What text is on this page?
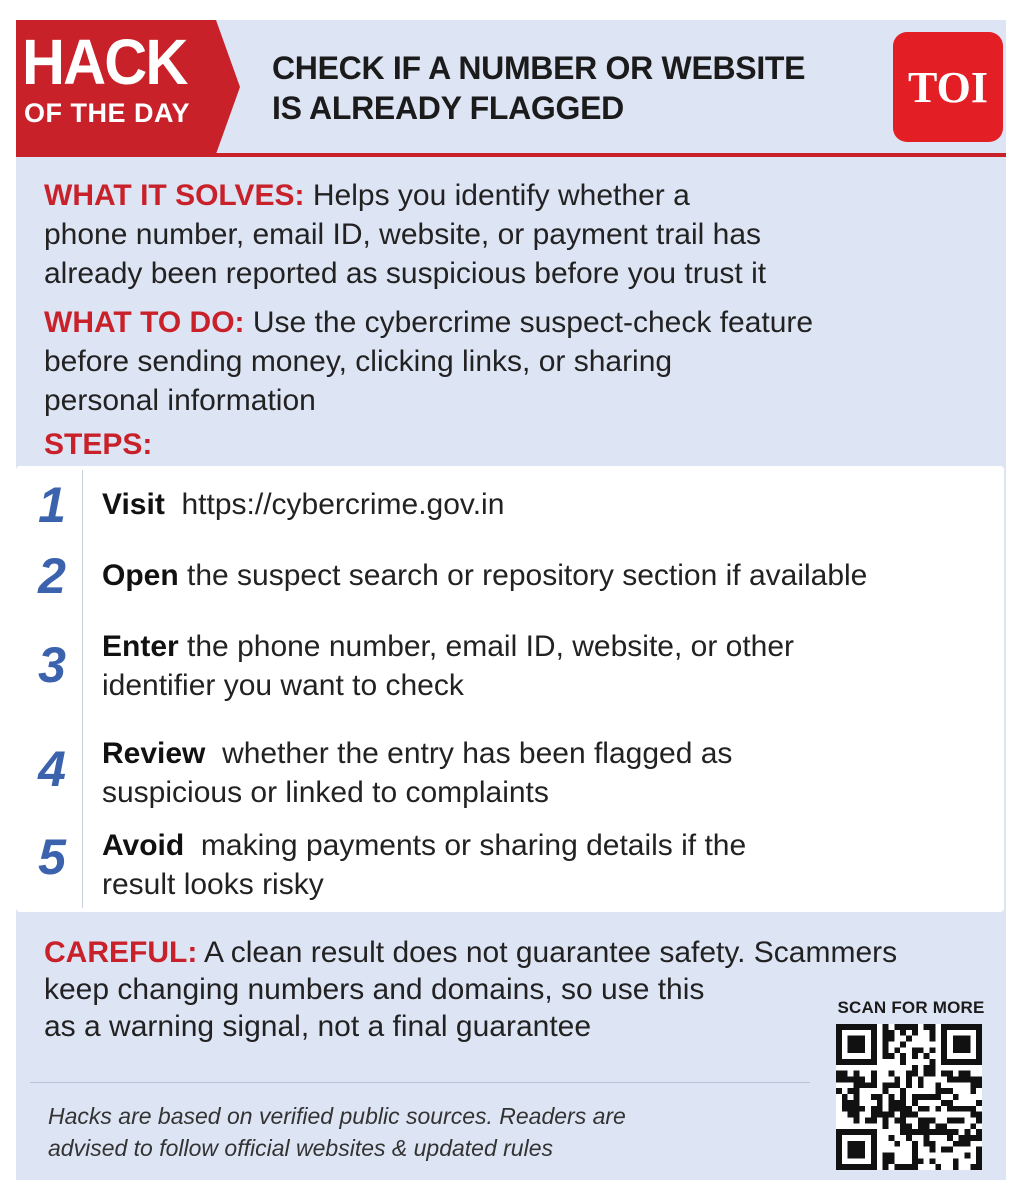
HACK
OF THE DAY
CHECK IF A NUMBER OR WEBSITE
IS ALREADY FLAGGED	TOI
WHAT IT SOLVES: Helps you identify whether a
phone number, email ID, website, or payment trail has
already been reported as suspicious before you trust it
WHAT TO DO: Use the cybercrime suspect-check feature
before sending money, clicking links, or sharing
personal information
STEPS:
1 Visit https://cybercrime.gov.in
2 Open the suspect search or repository section if available
3 Enter the phone number, email ID, website, or other
identifier you want to check
4 Review whether the entry has been flagged as
suspicious or linked to complaints
5 Avoid making payments or sharing details if the
result looks risky
CAREFUL: A clean result does not guarantee safety. Scammers
keep changing numbers and domains, so use this
as a warning signal, not a final guarantee
Hacks are based on verified public sources. Readers are
advised to follow official websites & updated rules
SCAN FOR MORE
